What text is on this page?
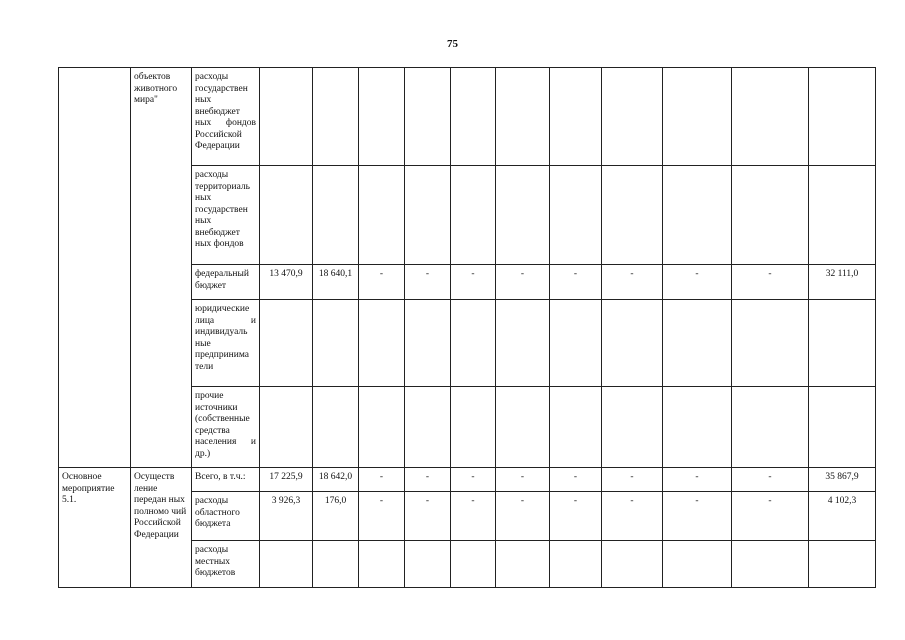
75
	объектов животного мира"	расходы государствен ных внебюджет ных фондов Российской Федерации											
		расходы территориаль ных государствен ных внебюджет ных фондов											
		федеральный бюджет	13 470,9	18 640,1	-	-	-	-	-	-	-	-	32 111,0
		юридические лица и индивидуаль ные предпринима тели											
		прочие источники (собственные средства населения и др.)											
Основное мероприятие 5.1.	Осуществ ление передан ных полномо чий Российской Федерации	Всего, в т.ч.:	17 225,9	18 642,0	-	-	-	-	-	-	-	-	35 867,9
		расходы областного бюджета	3 926,3	176,0	-	-	-	-	-	-	-	-	4 102,3
		расходы местных бюджетов											
